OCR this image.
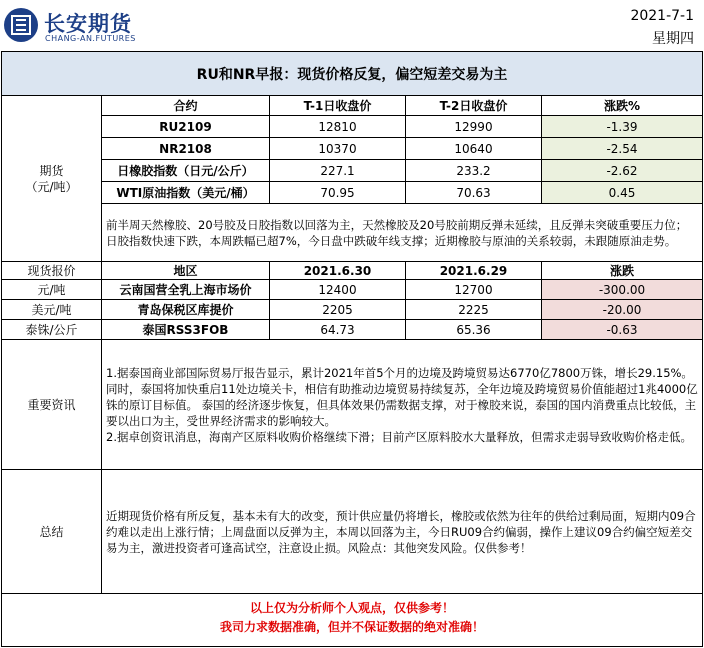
长安期货
CHANG-AN.FUTURES
2021-7-1
星期四
RU和NR早报：现货价格反复，偏空短差交易为主
期货
（元/吨）
合约	T-1日收盘价	T-2日收盘价	涨跌%
RU2109	12810	12990	-1.39
NR2108	10370	10640	-2.54
日橡胶指数（日元/公斤）	227.1	233.2	-2.62
WTI原油指数（美元/桶）	70.95	70.63	0.45
前半周天然橡胶、20号胶及日胶指数以回落为主，天然橡胶及20号胶前期反弹未延续，且反弹未突破重要压力位；日胶指数快速下跌，本周跌幅已超7%，今日盘中跌破年线支撑；近期橡胶与原油的关系较弱，未跟随原油走势。
现货报价	地区	2021.6.30	2021.6.29	涨跌
元/吨	云南国营全乳上海市场价	12400	12700	-300.00
美元/吨	青岛保税区库提价	2205	2225	-20.00
泰铢/公斤	泰国RSS3FOB	64.73	65.36	-0.63
重要资讯
1.据泰国商业部国际贸易厅报告显示，累计2021年首5个月的边境及跨境贸易达6770亿7800万铢，增长29.15%。同时，泰国将加快重启11处边境关卡，相信有助推动边境贸易持续复苏，全年边境及跨境贸易价值能超过1兆4000亿铢的原订目标值。 泰国的经济逐步恢复，但具体效果仍需数据支撑，对于橡胶来说，泰国的国内消费重点比较低，主要以出口为主，受世界经济需求的影响较大。
2.据卓创资讯消息，海南产区原料收购价格继续下滑；目前产区原料胶水大量释放，但需求走弱导致收购价格走低。
总结
近期现货价格有所反复，基本未有大的改变，预计供应量仍将增长，橡胶或依然为往年的供给过剩局面，短期内09合约难以走出上涨行情；上周盘面以反弹为主，本周以回落为主，今日RU09合约偏弱，操作上建议09合约偏空短差交易为主，激进投资者可逢高试空，注意设止损。风险点：其他突发风险。仅供参考！
以上仅为分析师个人观点，仅供参考！
我司力求数据准确，但并不保证数据的绝对准确！
